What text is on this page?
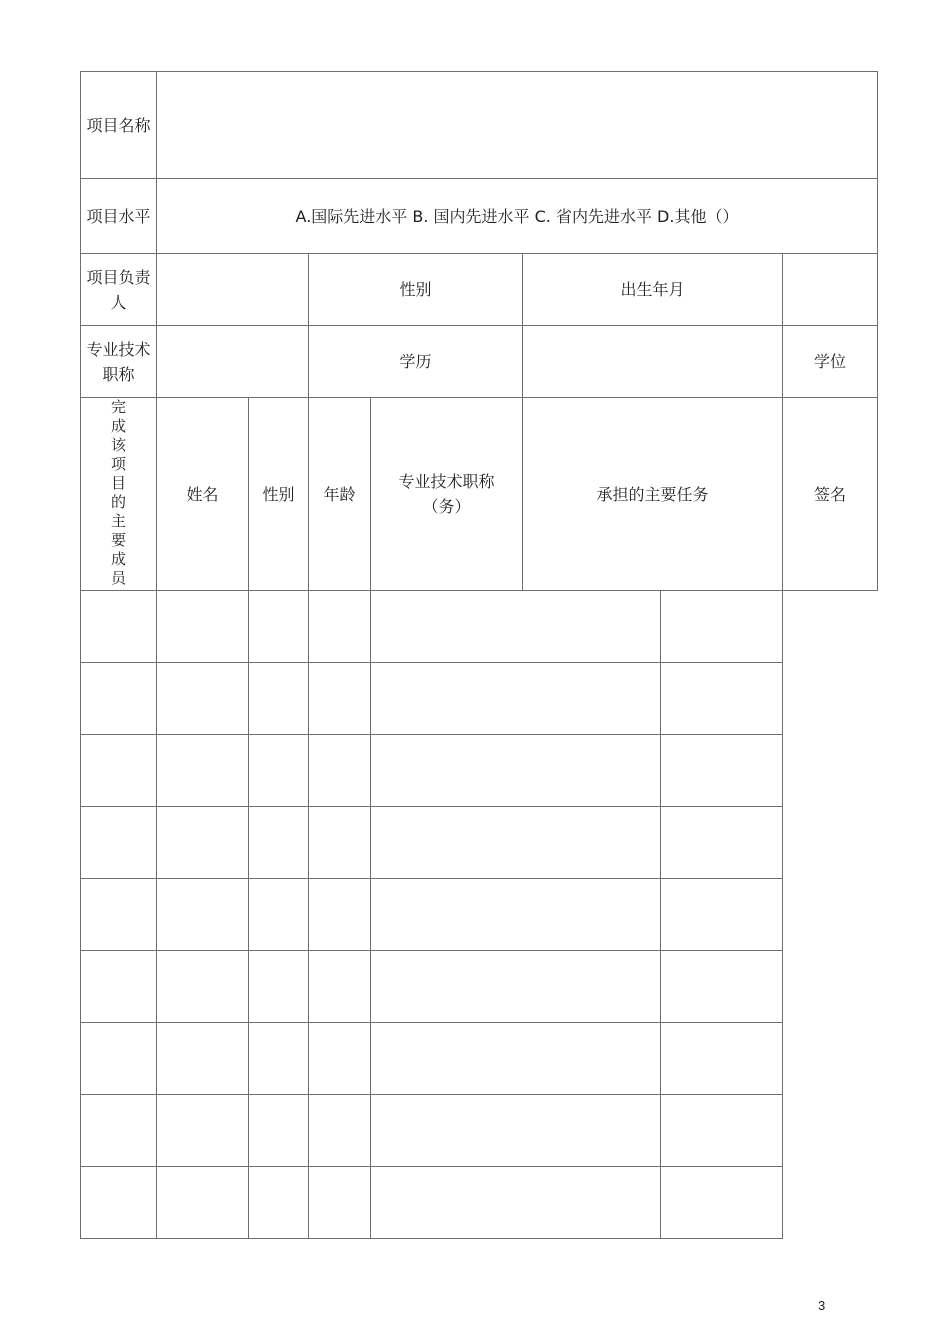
项目名称							
项目水平	A.国际先进水平 B. 国内先进水平 C. 省内先进水平 D.其他（）						
项目负责人			性别		出生年月		
专业技术职称			学历				学位

完成该项目的主要成员	姓名	性别	年龄	专业技术职称（务）	承担的主要任务		签名

3
